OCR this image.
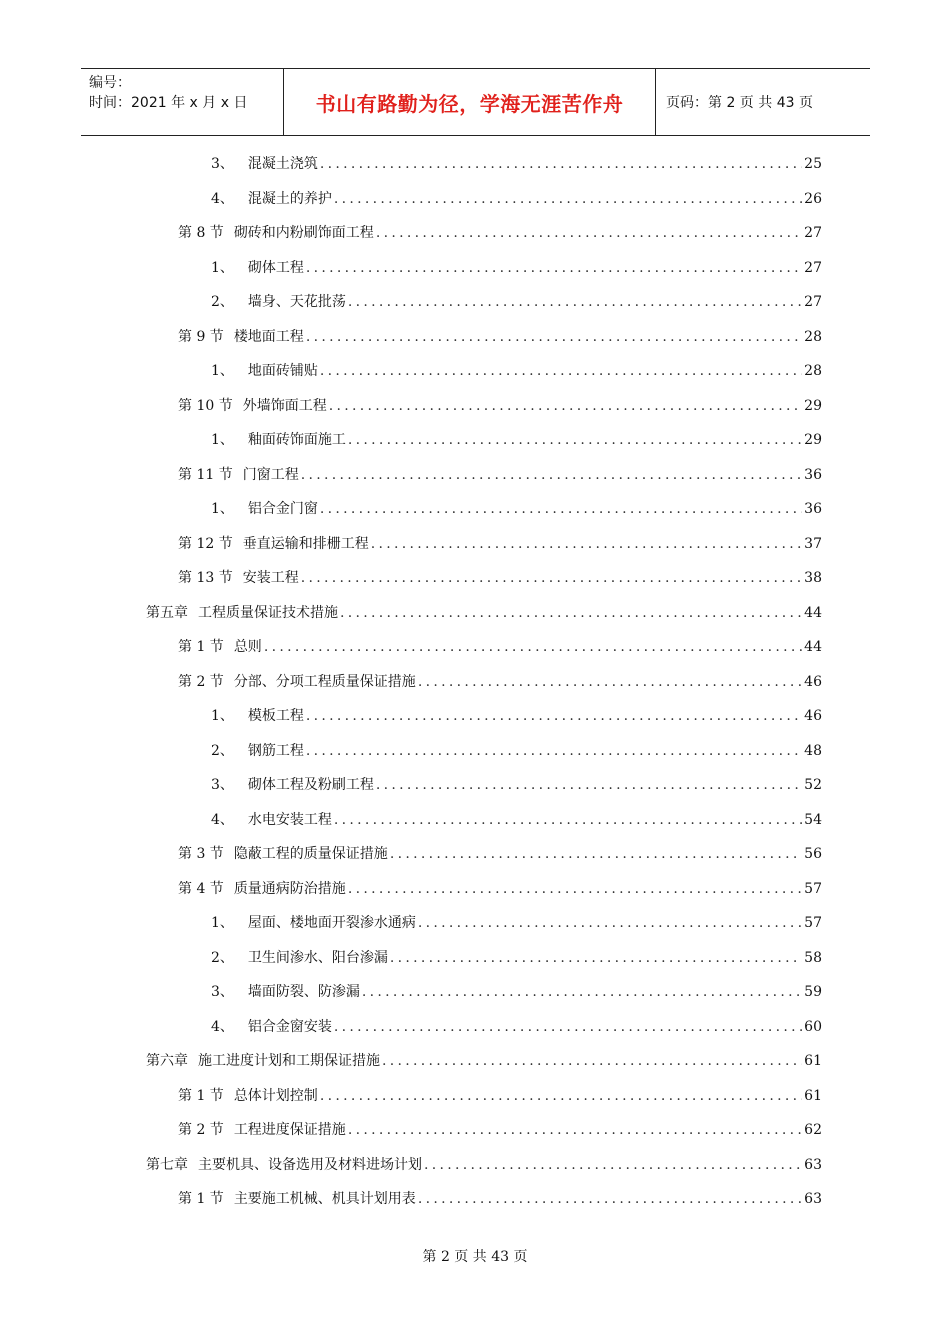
编号：
时间：2021 年 x 月 x 日	书山有路勤为径，学海无涯苦作舟	页码：第 2 页 共 43 页
3、 混凝土浇筑 .....	25
4、 混凝土的养护 .....	26
第 8 节 砌砖和内粉刷饰面工程 .....	27
1、 砌体工程 .....	27
2、 墙身、天花批荡 .....	27
第 9 节 楼地面工程 .....	28
1、 地面砖铺贴 .....	28
第 10 节 外墙饰面工程 .....	29
1、 釉面砖饰面施工 .....	29
第 11 节 门窗工程 .....	36
1、 铝合金门窗 .....	36
第 12 节 垂直运输和排栅工程 .....	37
第 13 节 安装工程 .....	38
第五章 工程质量保证技术措施 .....	44
第 1 节 总则 .....	44
第 2 节 分部、分项工程质量保证措施 .....	46
1、 模板工程 .....	46
2、 钢筋工程 .....	48
3、 砌体工程及粉刷工程 .....	52
4、 水电安装工程 .....	54
第 3 节 隐蔽工程的质量保证措施 .....	56
第 4 节 质量通病防治措施 .....	57
1、 屋面、楼地面开裂渗水通病 .....	57
2、 卫生间渗水、阳台渗漏 .....	58
3、 墙面防裂、防渗漏 .....	59
4、 铝合金窗安装 .....	60
第六章 施工进度计划和工期保证措施 .....	61
第 1 节 总体计划控制 .....	61
第 2 节 工程进度保证措施 .....	62
第七章 主要机具、设备选用及材料进场计划 .....	63
第 1 节 主要施工机械、机具计划用表 .....	63
第 2 页 共 43 页
